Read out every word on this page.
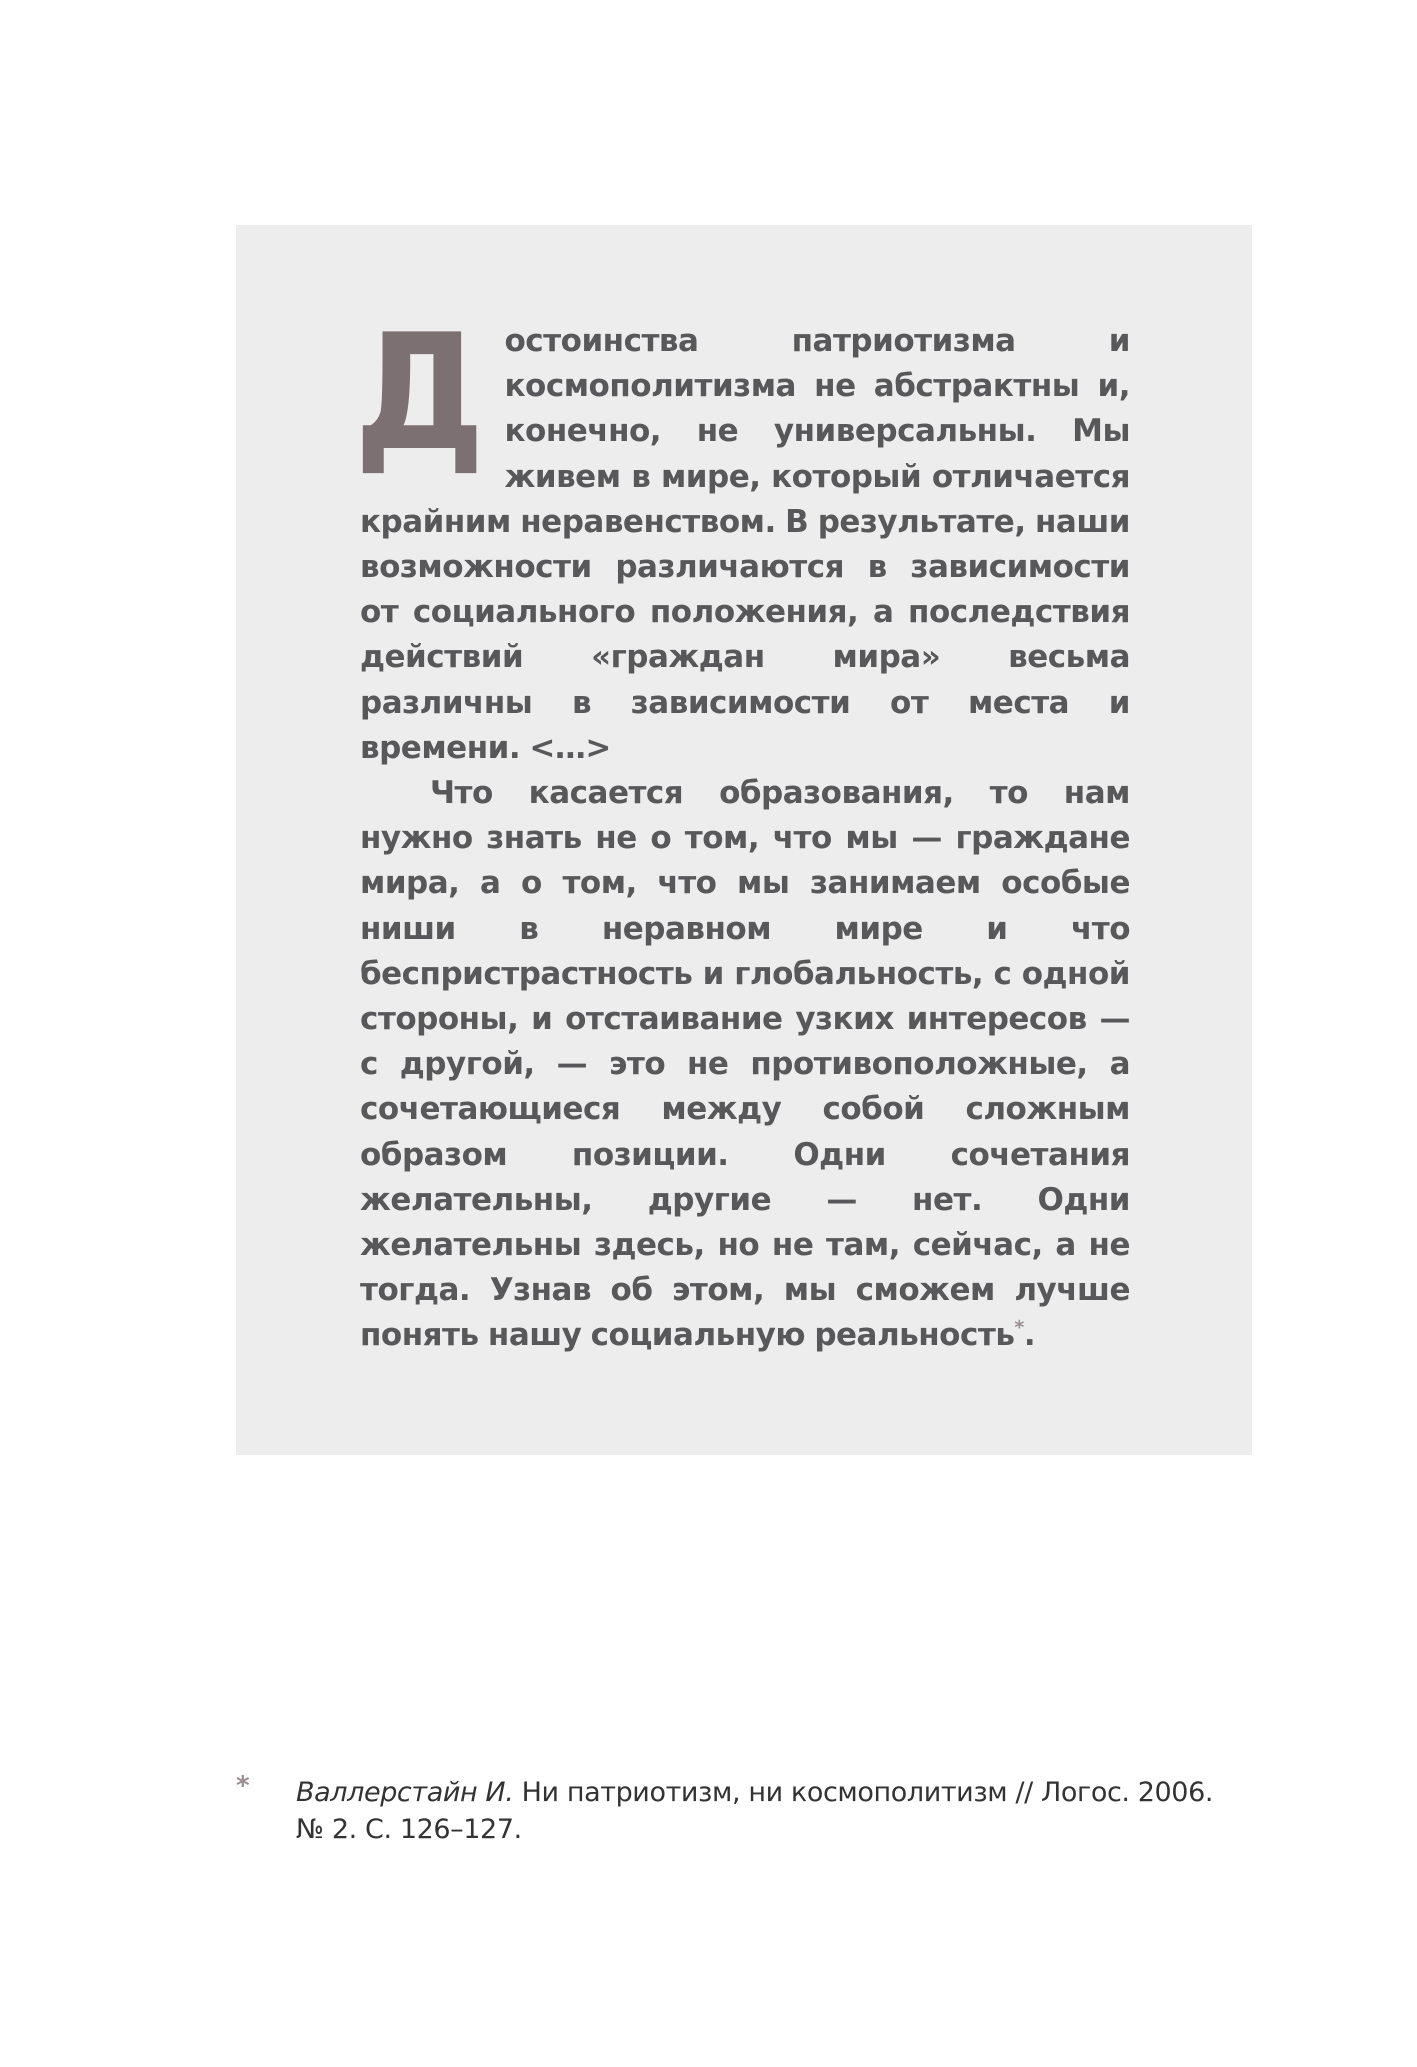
Достоинства патриотизма и космополитизма не абстрактны и, конечно, не универсальны. Мы живем в мире, который отличается крайним неравенством. В результате, наши возможности различаются в зависимости от социального положения, а последствия действий «граждан мира» весьма различны в зависимости от места и времени. <…>

Что касается образования, то нам нужно знать не о том, что мы — граждане мира, а о том, что мы занимаем особые ниши в неравном мире и что беспристрастность и глобальность, с одной стороны, и отстаивание узких интересов — с другой, — это не противоположные, а сочетающиеся между собой сложным образом позиции. Одни сочетания желательны, другие — нет. Одни желательны здесь, но не там, сейчас, а не тогда. Узнав об этом, мы сможем лучше понять нашу социальную реальность*.

* Валлерстайн И. Ни патриотизм, ни космополитизм // Логос. 2006. № 2. С. 126–127.
